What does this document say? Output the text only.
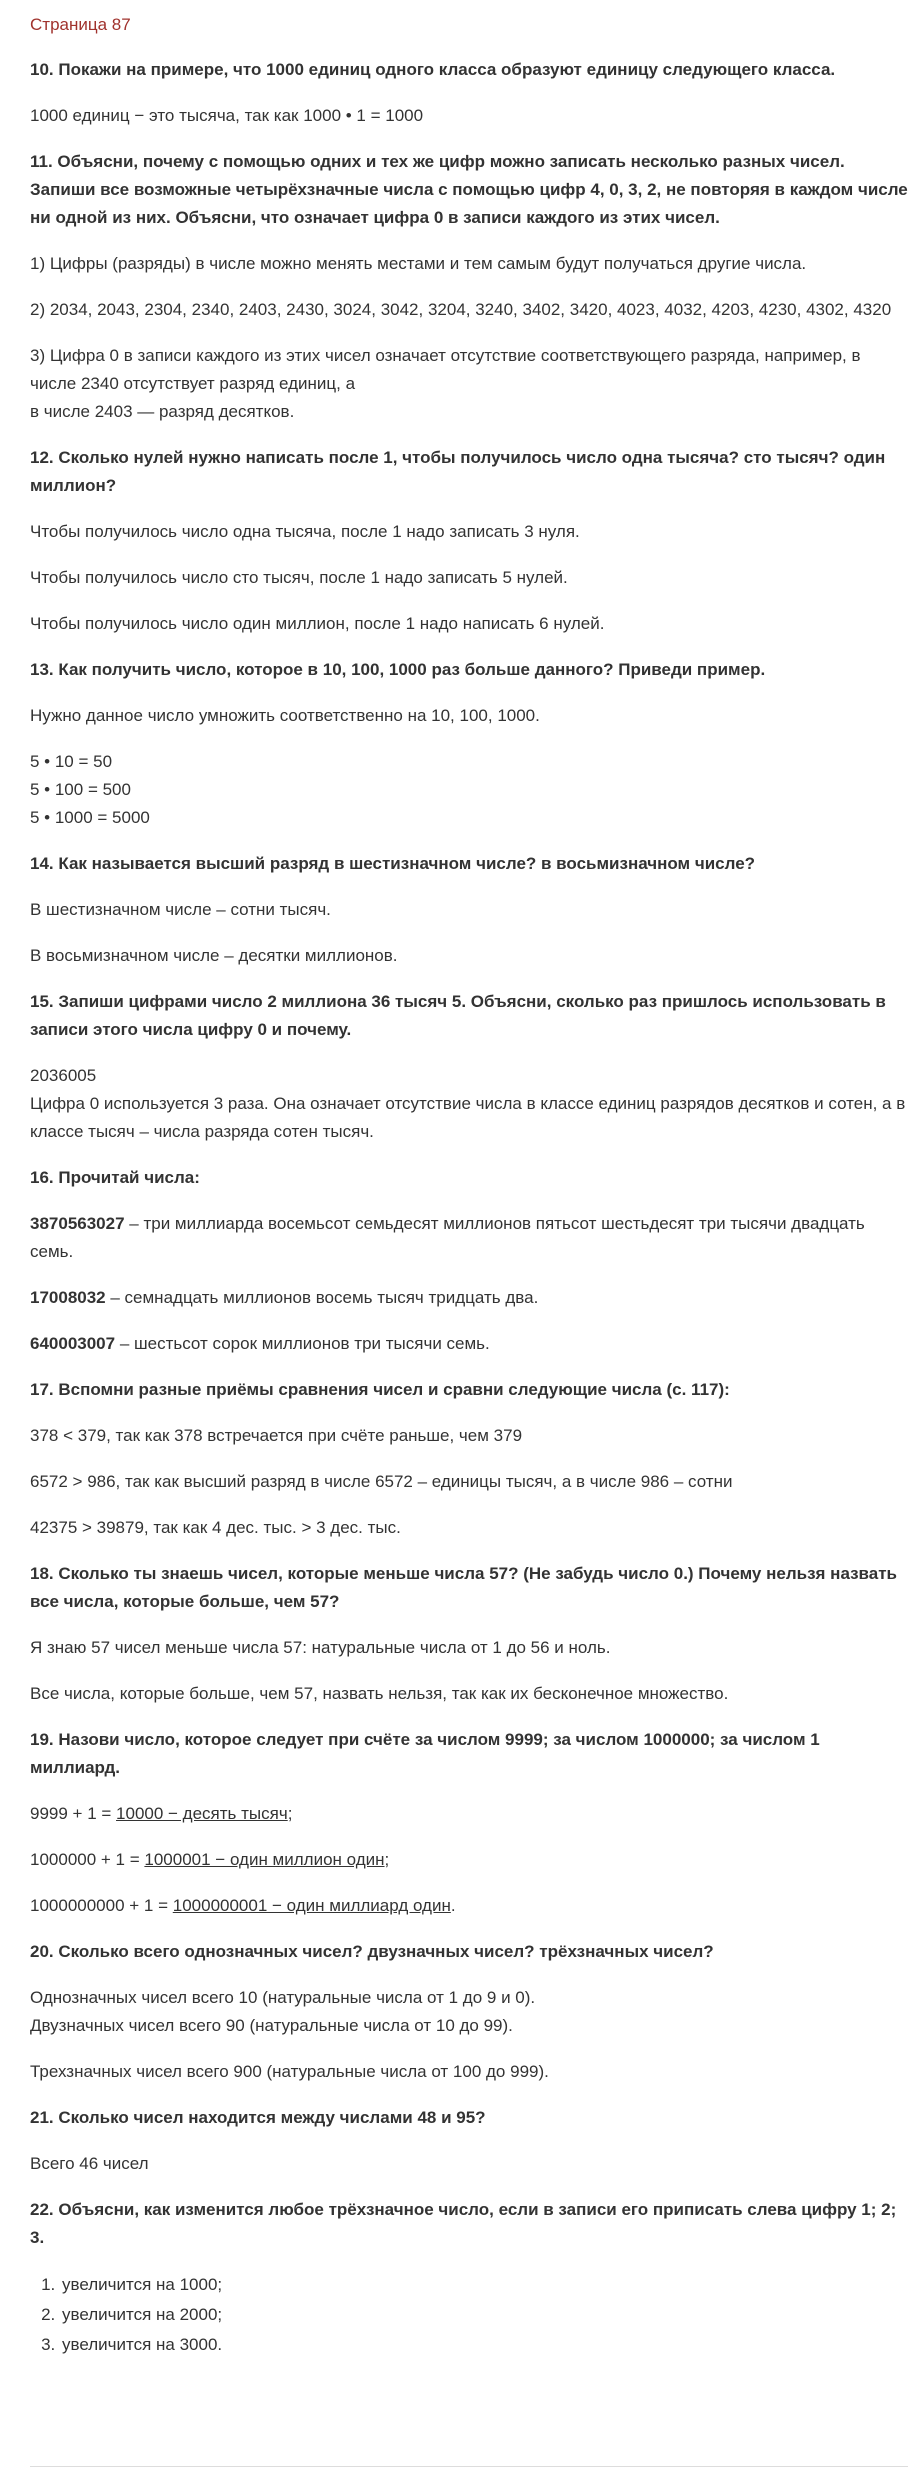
Страница 87

10. Покажи на примере, что 1000 единиц одного класса образуют единицу следующего класса.

1000 единиц − это тысяча, так как 1000 • 1 = 1000

11. Объясни, почему с помощью одних и тех же цифр можно записать несколько разных чисел. Запиши все возможные четырёхзначные числа с помощью цифр 4, 0, 3, 2, не повторяя в каждом числе ни одной из них. Объясни, что означает цифра 0 в записи каждого из этих чисел.

1) Цифры (разряды) в числе можно менять местами и тем самым будут получаться другие числа.

2) 2034, 2043, 2304, 2340, 2403, 2430, 3024, 3042, 3204, 3240, 3402, 3420, 4023, 4032, 4203, 4230, 4302, 4320

3) Цифра 0 в записи каждого из этих чисел означает отсутствие соответствующего разряда, например, в числе 2340 отсутствует разряд единиц, а

в числе 2403 — разряд десятков.

12. Сколько нулей нужно написать после 1, чтобы получилось число одна тысяча? сто тысяч? один миллион?

Чтобы получилось число одна тысяча, после 1 надо записать 3 нуля.

Чтобы получилось число сто тысяч, после 1 надо записать 5 нулей.

Чтобы получилось число один миллион, после 1 надо написать 6 нулей.

13. Как получить число, которое в 10, 100, 1000 раз больше данного? Приведи пример.

Нужно данное число умножить соответственно на 10, 100, 1000.

5 • 10 = 50

5 • 100 = 500

5 • 1000 = 5000

14. Как называется высший разряд в шестизначном числе? в восьмизначном числе?

В шестизначном числе – сотни тысяч.

В восьмизначном числе – десятки миллионов.

15. Запиши цифрами число 2 миллиона 36 тысяч 5. Объясни, сколько раз пришлось использовать в записи этого числа цифру 0 и почему.

2036005

Цифра 0 используется 3 раза. Она означает отсутствие числа в классе единиц разрядов десятков и сотен, а в классе тысяч – числа разряда сотен тысяч.

16. Прочитай числа:

3870563027 – три миллиарда восемьсот семьдесят миллионов пятьсот шестьдесят три тысячи двадцать семь.

17008032 – семнадцать миллионов восемь тысяч тридцать два.

640003007 – шестьсот сорок миллионов три тысячи семь.

17. Вспомни разные приёмы сравнения чисел и сравни следующие числа (с. 117):

378 < 379, так как 378 встречается при счёте раньше, чем 379

6572 > 986, так как высший разряд в числе 6572 – единицы тысяч, а в числе 986 – сотни

42375 > 39879, так как 4 дес. тыс. > 3 дес. тыс.

18. Сколько ты знаешь чисел, которые меньше числа 57? (Не забудь число 0.) Почему нельзя назвать все числа, которые больше, чем 57?

Я знаю 57 чисел меньше числа 57: натуральные числа от 1 до 56 и ноль.

Все числа, которые больше, чем 57, назвать нельзя, так как их бесконечное множество.

19. Назови число, которое следует при счёте за числом 9999; за числом 1000000; за числом 1 миллиард.

9999 + 1 = 10000 − десять тысяч;

1000000 + 1 = 1000001 − один миллион один;

1000000000 + 1 = 1000000001 − один миллиард один.

20. Сколько всего однозначных чисел? двузначных чисел? трёхзначных чисел?

Однозначных чисел всего 10 (натуральные числа от 1 до 9 и 0).

Двузначных чисел всего 90 (натуральные числа от 10 до 99).

Трехзначных чисел всего 900 (натуральные числа от 100 до 999).

21. Сколько чисел находится между числами 48 и 95?

Всего 46 чисел

22. Объясни, как изменится любое трёхзначное число, если в записи его приписать слева цифру 1; 2; 3.

1. увеличится на 1000;
2. увеличится на 2000;
3. увеличится на 3000.
